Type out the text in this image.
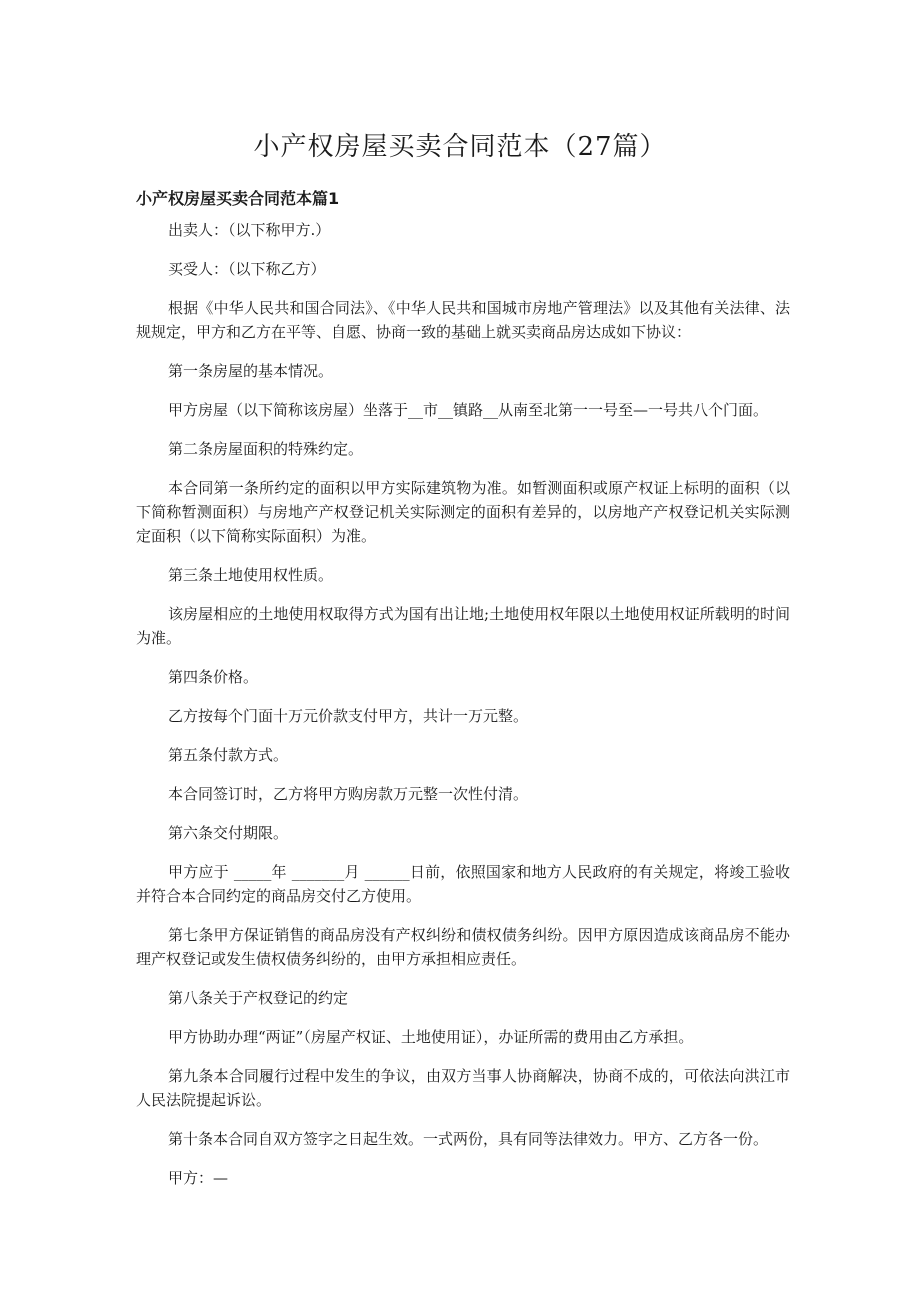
小产权房屋买卖合同范本（27篇）
小产权房屋买卖合同范本篇1

出卖人：（以下称甲方.）

买受人：（以下称乙方）

根据《中华人民共和国合同法》、《中华人民共和国城市房地产管理法》以及其他有关法律、法规规定，甲方和乙方在平等、自愿、协商一致的基础上就买卖商品房达成如下协议：

第一条房屋的基本情况。

甲方房屋（以下简称该房屋）坐落于__市__镇路__从南至北第一一号至—一号共八个门面。

第二条房屋面积的特殊约定。

本合同第一条所约定的面积以甲方实际建筑物为准。如暂测面积或原产权证上标明的面积（以下简称暂测面积）与房地产产权登记机关实际测定的面积有差异的，以房地产产权登记机关实际测定面积（以下简称实际面积）为准。

第三条土地使用权性质。

该房屋相应的土地使用权取得方式为国有出让地;土地使用权年限以土地使用权证所载明的时间为准。

第四条价格。

乙方按每个门面十万元价款支付甲方，共计一万元整。

第五条付款方式。

本合同签订时，乙方将甲方购房款万元整一次性付清。

第六条交付期限。

甲方应于 _____年 _______月 ______日前，依照国家和地方人民政府的有关规定，将竣工验收并符合本合同约定的商品房交付乙方使用。

第七条甲方保证销售的商品房没有产权纠纷和债权债务纠纷。因甲方原因造成该商品房不能办理产权登记或发生债权债务纠纷的，由甲方承担相应责任。

第八条关于产权登记的约定

甲方协助办理“两证”（房屋产权证、土地使用证），办证所需的费用由乙方承担。

第九条本合同履行过程中发生的争议，由双方当事人协商解决，协商不成的，可依法向洪江市人民法院提起诉讼。

第十条本合同自双方签字之日起生效。一式两份，具有同等法律效力。甲方、乙方各一份。

甲方：—
